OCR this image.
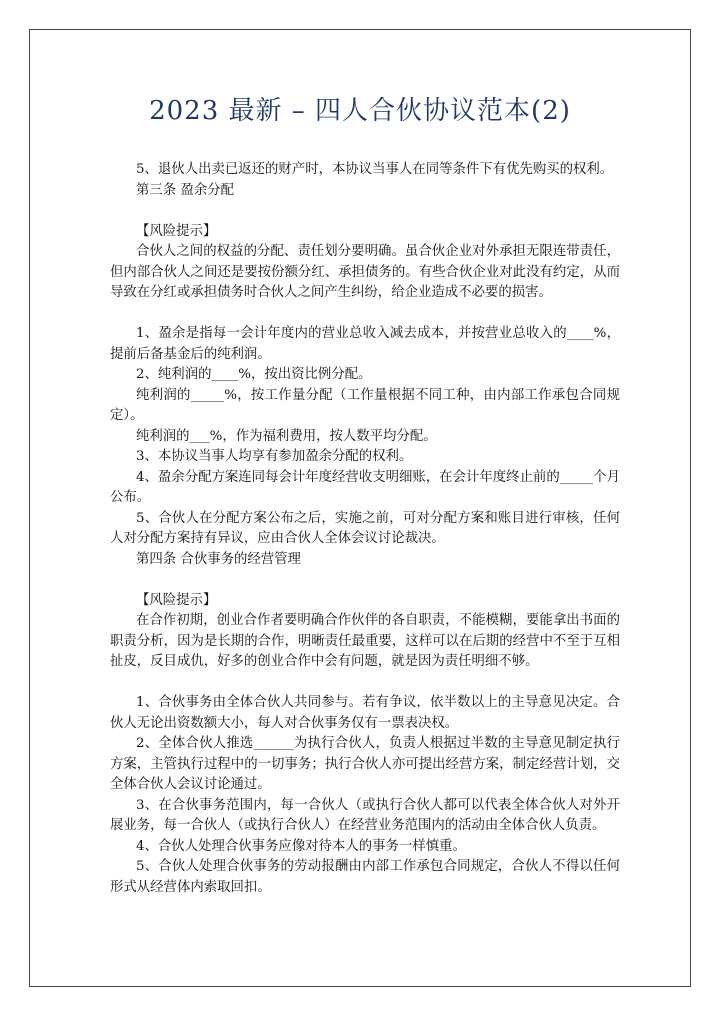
2023 最新 – 四人合伙协议范本(2)

5、退伙人出卖已返还的财产时，本协议当事人在同等条件下有优先购买的权利。

第三条 盈余分配

【风险提示】

合伙人之间的权益的分配、责任划分要明确。虽合伙企业对外承担无限连带责任，但内部合伙人之间还是要按份额分红、承担债务的。有些合伙企业对此没有约定，从而导致在分红或承担债务时合伙人之间产生纠纷，给企业造成不必要的损害。

1、盈余是指每一会计年度内的营业总收入减去成本，并按营业总收入的____%，提前后备基金后的纯利润。

2、纯利润的____%，按出资比例分配。

纯利润的_____%，按工作量分配（工作量根据不同工种，由内部工作承包合同规定）。

纯利润的___%，作为福利费用，按人数平均分配。

3、本协议当事人均享有参加盈余分配的权利。

4、盈余分配方案连同每会计年度经营收支明细账，在会计年度终止前的_____个月公布。

5、合伙人在分配方案公布之后，实施之前，可对分配方案和账目进行审核，任何人对分配方案持有异议，应由合伙人全体会议讨论裁决。

第四条 合伙事务的经营管理

【风险提示】

在合作初期，创业合作者要明确合作伙伴的各自职责，不能模糊，要能拿出书面的职责分析，因为是长期的合作，明晰责任最重要，这样可以在后期的经营中不至于互相扯皮，反目成仇，好多的创业合作中会有问题，就是因为责任明细不够。

1、合伙事务由全体合伙人共同参与。若有争议，依半数以上的主导意见决定。合伙人无论出资数额大小，每人对合伙事务仅有一票表决权。

2、全体合伙人推选______为执行合伙人，负责人根据过半数的主导意见制定执行方案，主管执行过程中的一切事务；执行合伙人亦可提出经营方案，制定经营计划，交全体合伙人会议讨论通过。

3、在合伙事务范围内，每一合伙人（或执行合伙人都可以代表全体合伙人对外开展业务，每一合伙人（或执行合伙人）在经营业务范围内的活动由全体合伙人负责。

4、合伙人处理合伙事务应像对待本人的事务一样慎重。

5、合伙人处理合伙事务的劳动报酬由内部工作承包合同规定，合伙人不得以任何形式从经营体内索取回扣。
